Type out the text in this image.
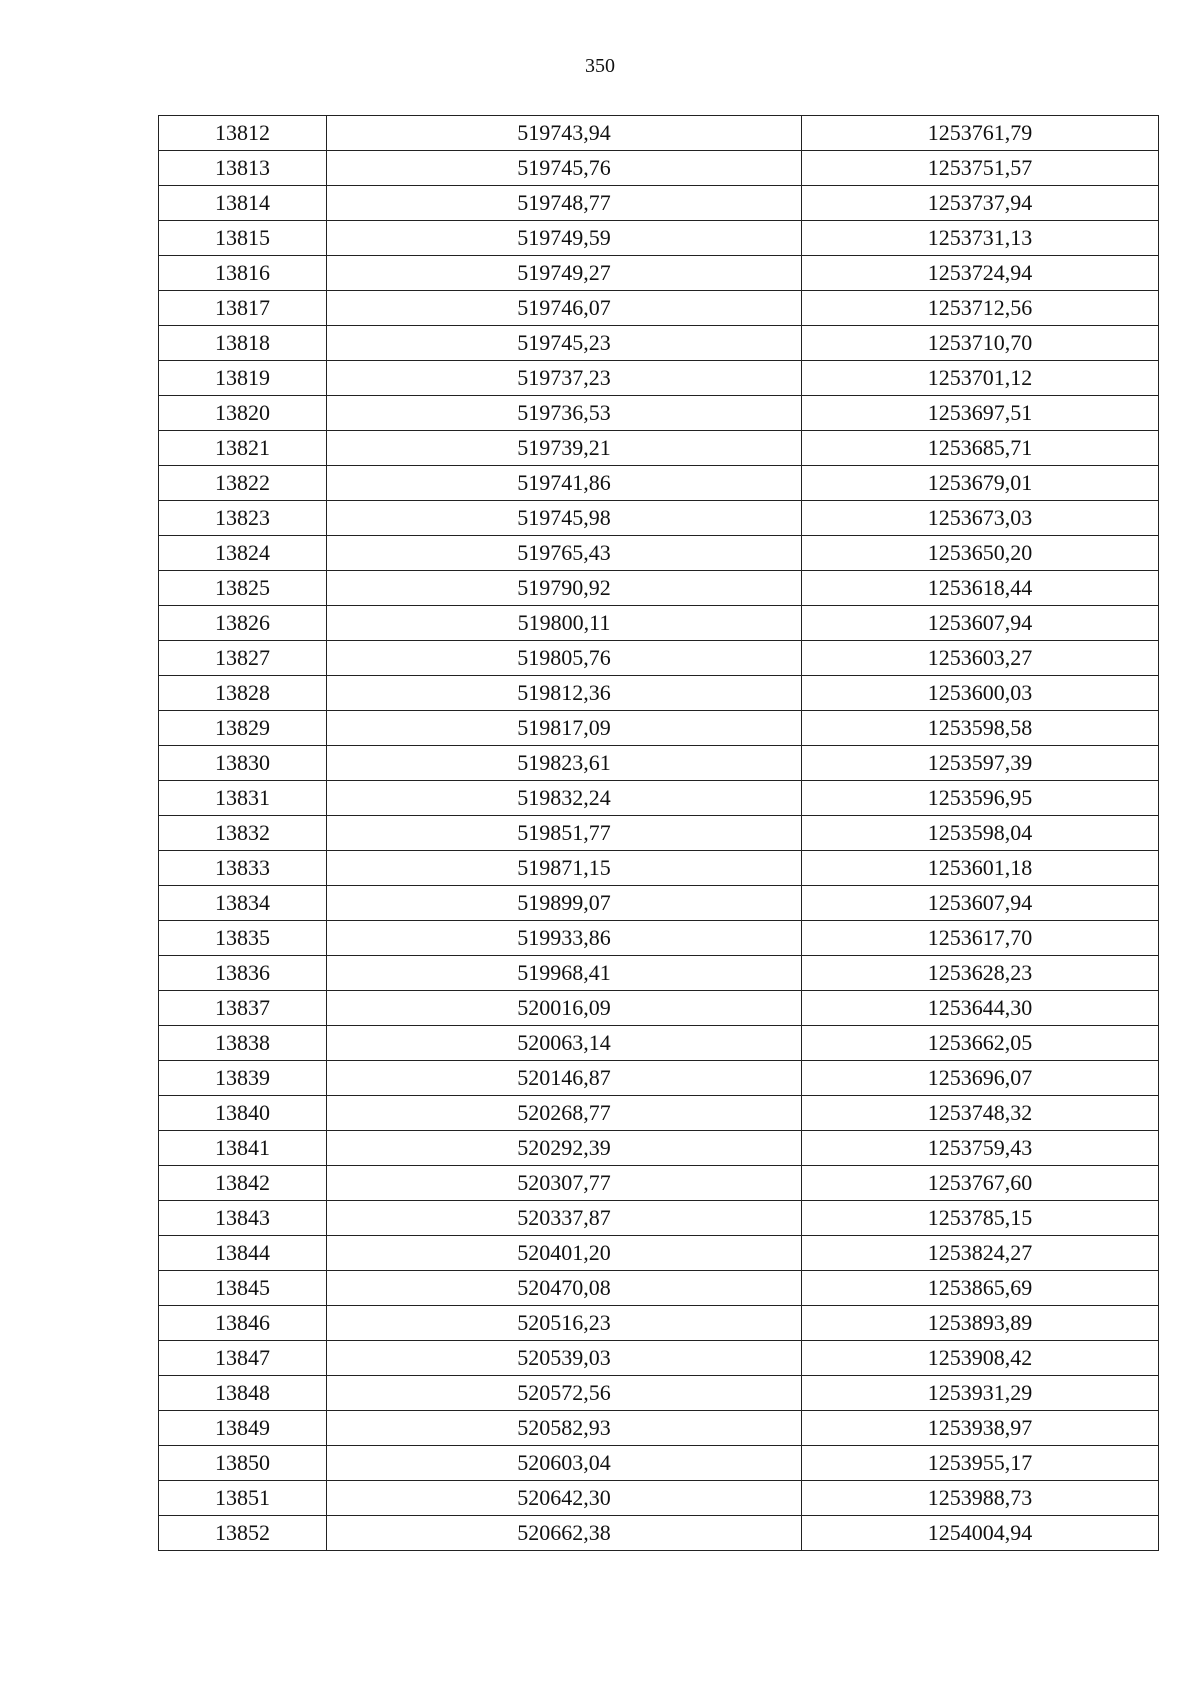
350
13812	519743,94	1253761,79
13813	519745,76	1253751,57
13814	519748,77	1253737,94
13815	519749,59	1253731,13
13816	519749,27	1253724,94
13817	519746,07	1253712,56
13818	519745,23	1253710,70
13819	519737,23	1253701,12
13820	519736,53	1253697,51
13821	519739,21	1253685,71
13822	519741,86	1253679,01
13823	519745,98	1253673,03
13824	519765,43	1253650,20
13825	519790,92	1253618,44
13826	519800,11	1253607,94
13827	519805,76	1253603,27
13828	519812,36	1253600,03
13829	519817,09	1253598,58
13830	519823,61	1253597,39
13831	519832,24	1253596,95
13832	519851,77	1253598,04
13833	519871,15	1253601,18
13834	519899,07	1253607,94
13835	519933,86	1253617,70
13836	519968,41	1253628,23
13837	520016,09	1253644,30
13838	520063,14	1253662,05
13839	520146,87	1253696,07
13840	520268,77	1253748,32
13841	520292,39	1253759,43
13842	520307,77	1253767,60
13843	520337,87	1253785,15
13844	520401,20	1253824,27
13845	520470,08	1253865,69
13846	520516,23	1253893,89
13847	520539,03	1253908,42
13848	520572,56	1253931,29
13849	520582,93	1253938,97
13850	520603,04	1253955,17
13851	520642,30	1253988,73
13852	520662,38	1254004,94
